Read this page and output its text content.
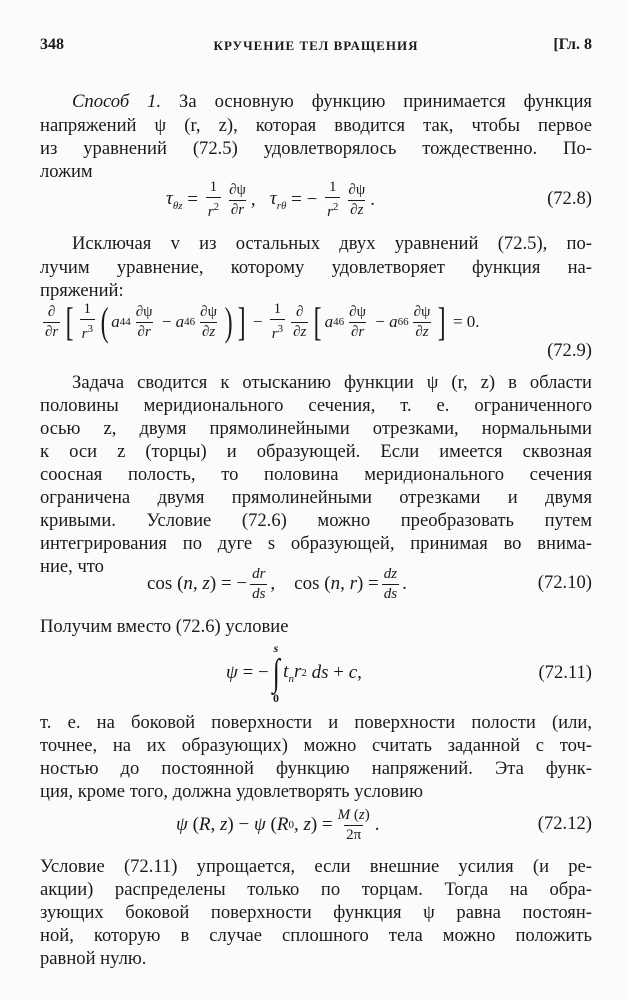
348	КРУЧЕНИЕ ТЕЛ ВРАЩЕНИЯ	[Гл. 8
Способ 1. За основную функцию принимается функция
напряжений ψ (r, z), которая вводится так, чтобы первое
из уравнений (72.5) удовлетворялось тождественно. По-
ложим
$\tau_{\theta z}$ =
1
$r^2$
∂ψ
∂r , $\tau_{r\theta}$ = −
1
$r^2$
∂ψ
∂z .	(72.8)
Исключая v из остальных двух уравнений (72.5), по-
лучим уравнение, которому удовлетворяет функция на-
пряжений:
∂
∂r [ 1
$r^3$ ( a 44
∂ψ
∂r
− a 46
∂ψ
∂z ) ] −
1
$r^3$
∂
∂z [ a 46
∂ψ
∂r
− a 66
∂ψ
∂z ] = 0.
(72.9)
Задача сводится к отысканию функции ψ (r, z) в области
половины меридионального сечения, т. е. ограниченного
осью z, двумя прямолинейными отрезками, нормальными
к оси z (торцы) и образующей. Если имеется сквозная
соосная полость, то половина меридионального сечения
ограничена двумя прямолинейными отрезками и двумя
кривыми. Условие (72.6) можно преобразовать путем
интегрирования по дуге s образующей, принимая во внима-
ние, что
cos ( n , z ) = − dr
ds ,    cos ( n , r ) = dz
ds .	(72.10)
Получим вместо (72.6) условие
ψ = −
s
∫
0
$t_nr$ 2
ds + c ,	(72.11)
т. е. на боковой поверхности и поверхности полости (или,
точнее, на их образующих) можно считать заданной с точ-
ностью до постоянной функцию напряжений. Эта функ-
ция, кроме того, должна удовлетворять условию
ψ ( R , z ) − ψ ( R 0 , z ) = M (z)
2π .	(72.12)
Условие (72.11) упрощается, если внешние усилия (и ре-
акции) распределены только по торцам. Тогда на обра-
зующих боковой поверхности функция ψ равна постоян-
ной, которую в случае сплошного тела можно положить
равной нулю.
